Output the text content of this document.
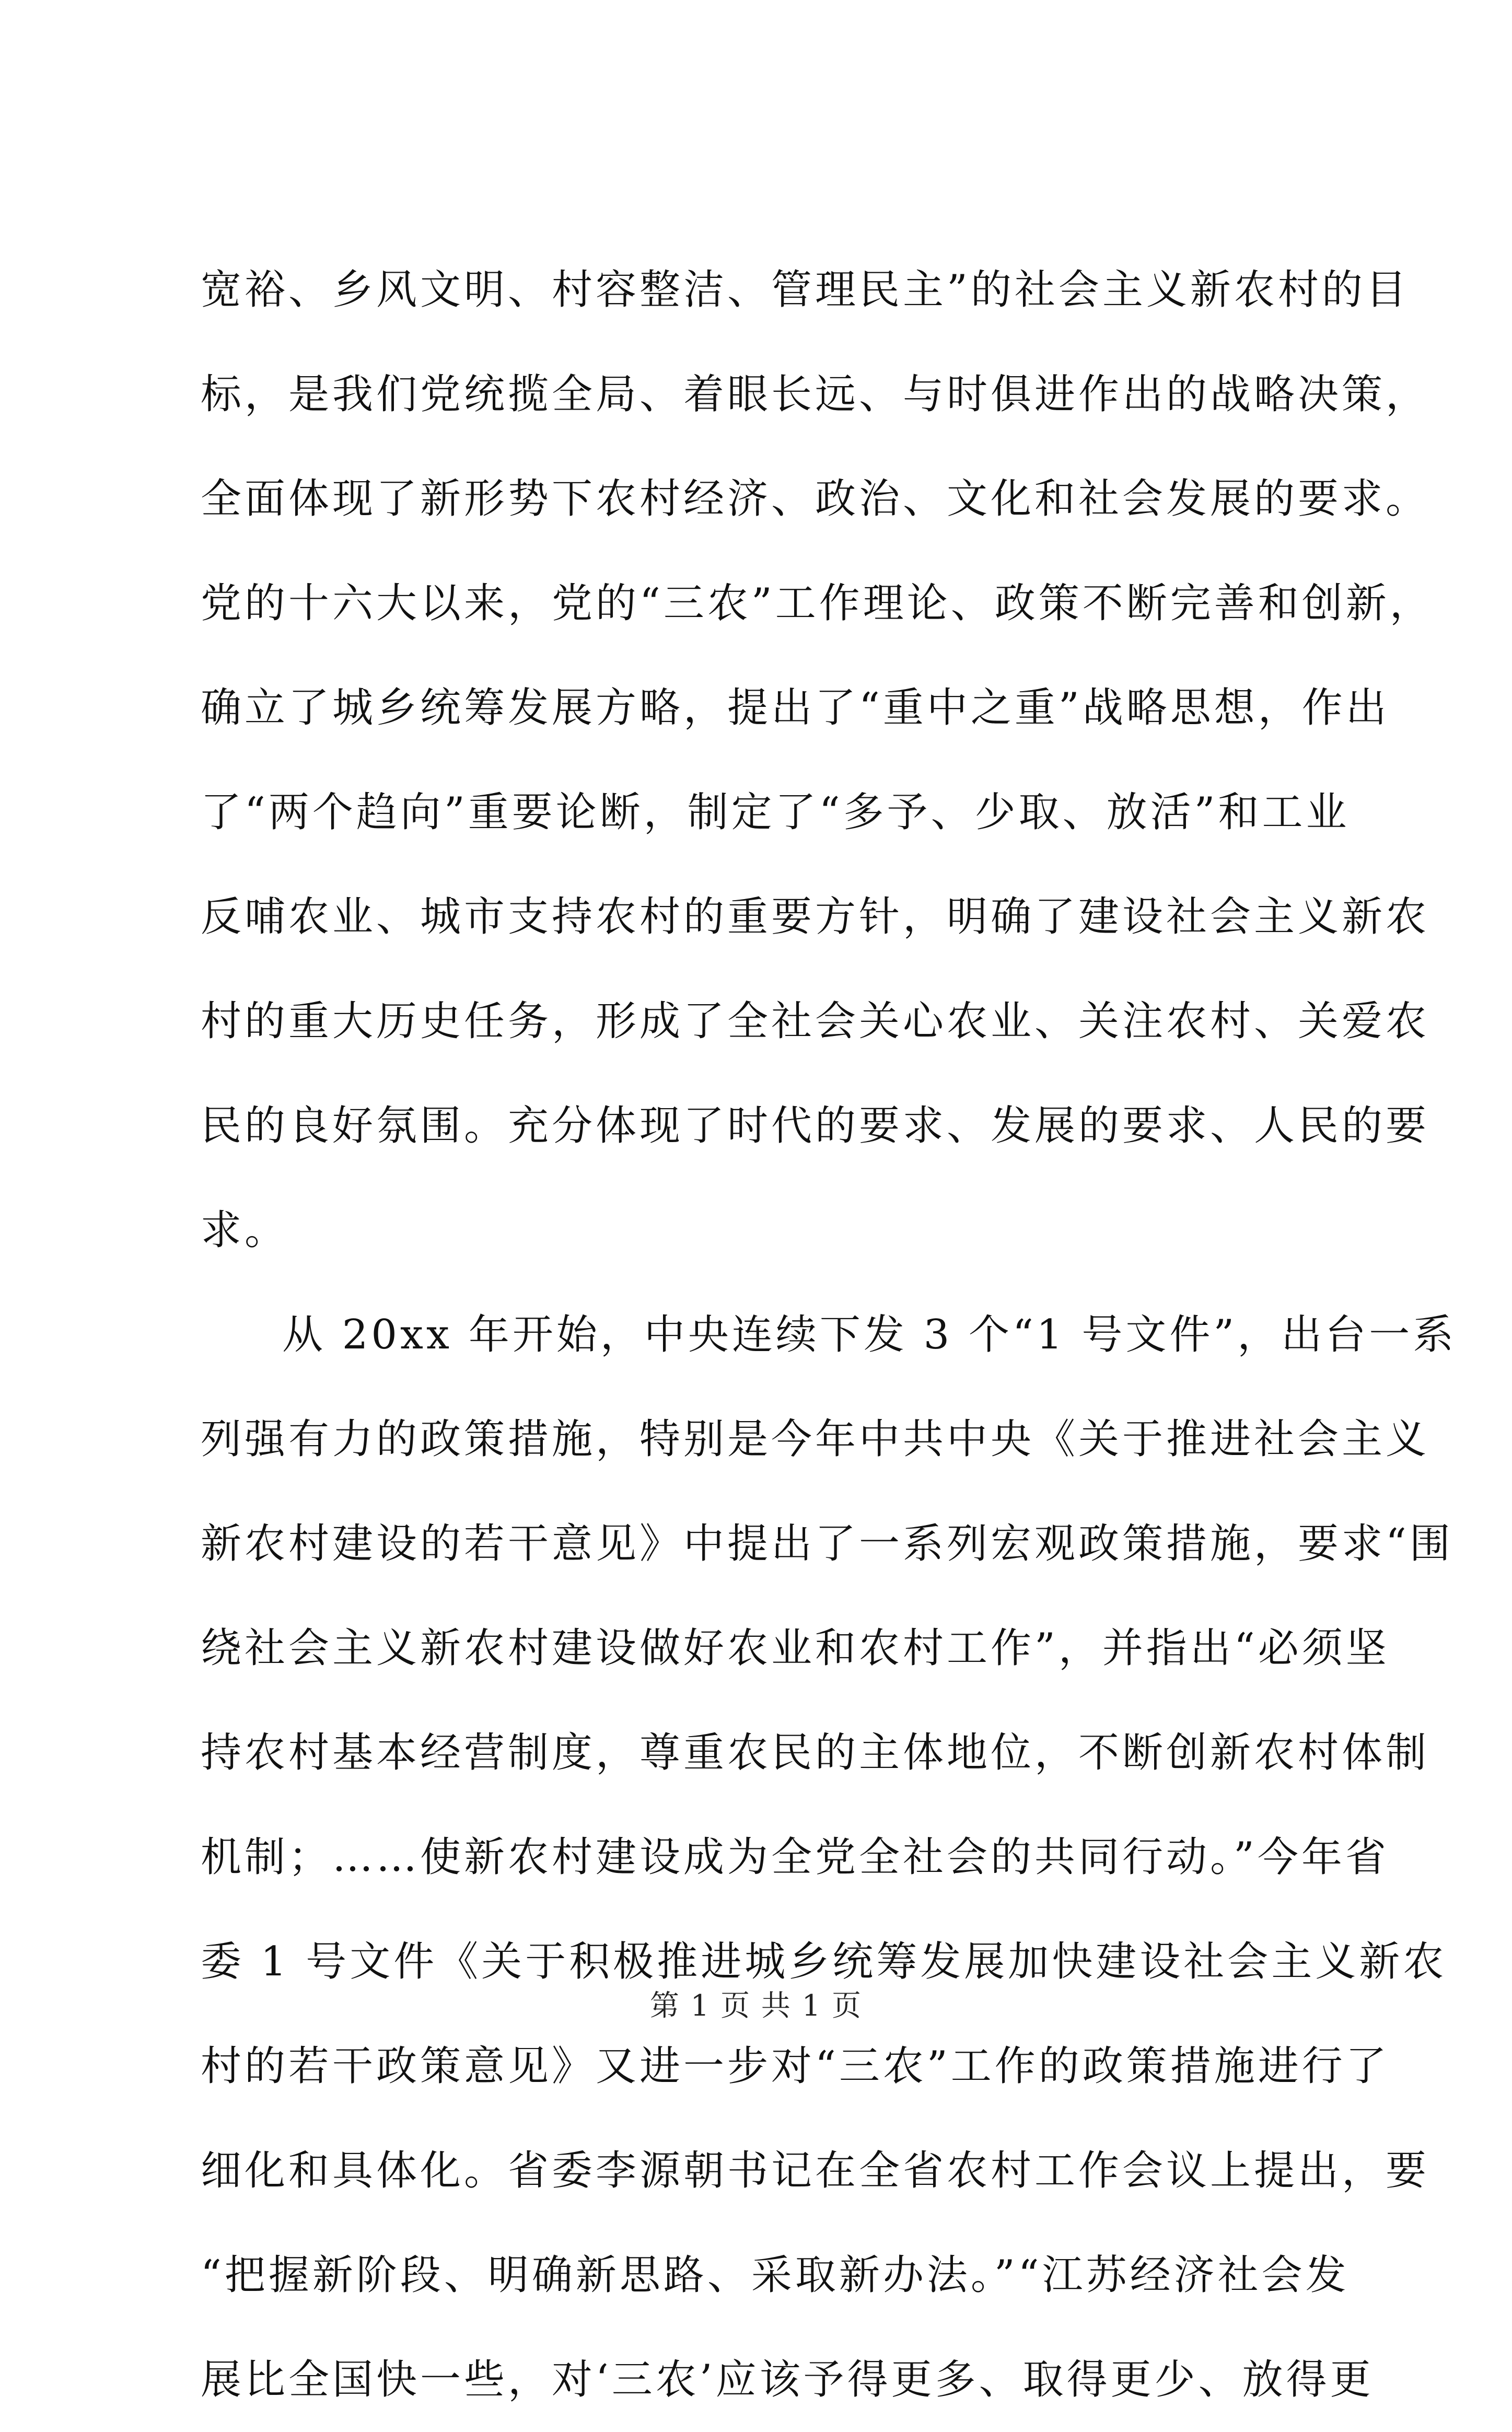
宽裕、乡风文明、村容整洁、管理民主”的社会主义新农村的目
标，是我们党统揽全局、着眼长远、与时俱进作出的战略决策，
全面体现了新形势下农村经济、政治、文化和社会发展的要求。
党的十六大以来，党的“三农”工作理论、政策不断完善和创新，
确立了城乡统筹发展方略，提出了“重中之重”战略思想，作出
了“两个趋向”重要论断，制定了“多予、少取、放活”和工业
反哺农业、城市支持农村的重要方针，明确了建设社会主义新农
村的重大历史任务，形成了全社会关心农业、关注农村、关爱农
民的良好氛围。充分体现了时代的要求、发展的要求、人民的要
求。
从 20xx 年开始，中央连续下发 3 个“1 号文件”，出台一系
列强有力的政策措施，特别是今年中共中央《关于推进社会主义
新农村建设的若干意见》中提出了一系列宏观政策措施，要求“围
绕社会主义新农村建设做好农业和农村工作”，并指出“必须坚
持农村基本经营制度，尊重农民的主体地位，不断创新农村体制
机制；……使新农村建设成为全党全社会的共同行动。”今年省
委 1 号文件《关于积极推进城乡统筹发展加快建设社会主义新农
村的若干政策意见》又进一步对“三农”工作的政策措施进行了
细化和具体化。省委李源朝书记在全省农村工作会议上提出，要
“把握新阶段、明确新思路、采取新办法。”“江苏经济社会发
展比全国快一些，对‘三农’应该予得更多、取得更少、放得更
第 1 页 共 1 页
